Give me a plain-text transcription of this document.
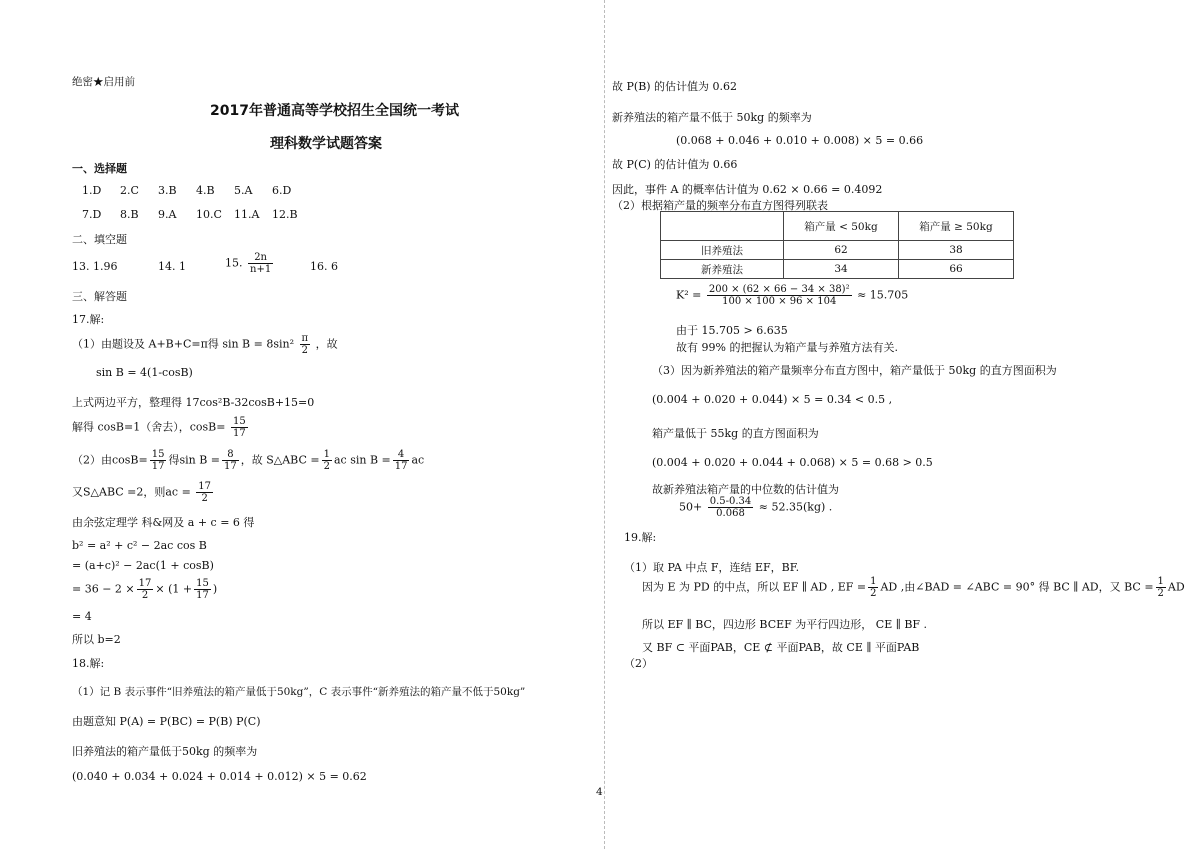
绝密★启用前
2017年普通高等学校招生全国统一考试
理科数学试题答案
一、选择题
1.D 2.C 3.B 4.B 5.A 6.D
7.D 8.B 9.A 10.C 11.A 12.B
二、填空题
13. 1.96	14. 1	15. $\frac{2n}{n+1}$	16. 6
三、解答题
17.解:
（1）由题设及 A+B+C=π得 $\sin B = 8\sin^2 \frac{\pi}{2}$ ，故
sin B = 4(1-cosB)
上式两边平方，整理得 17cos²B-32cosB+15=0
解得 cosB=1（舍去），$\cos B= \frac{15}{17}$
（2）由$\cos B= \frac{15}{17}$ 得$\sin B = \frac{8}{17}$ ，故 S△ABC = $\frac{1}{2}$ ac $\sin B = \frac{4}{17}$ ac
又S△ABC =2，则ac = $\frac{17}{2}$
由余弦定理学 科&网及 a + c = 6 得
b² = a² + c² − 2ac cos B
= (a+c)² − 2ac(1 + cosB)
= $36 - 2 \times \frac{17}{2} \times (1 + \frac{15}{17}$ )
= 4
所以 b=2
18.解:
（1）记 B 表示事件“旧养殖法的箱产量低于50kg”，C 表示事件“新养殖法的箱产量不低于50kg”
由题意知 P(A) = P(BC) = P(B) P(C)
旧养殖法的箱产量低于50kg 的频率为
(0.040 + 0.034 + 0.024 + 0.014 + 0.012) × 5 = 0.62
故 P(B) 的估计值为 0.62
新养殖法的箱产量不低于 50kg 的频率为
(0.068 + 0.046 + 0.010 + 0.008) × 5 = 0.66
故 P(C) 的估计值为 0.66
因此，事件 A 的概率估计值为 0.62 × 0.66 = 0.4092
（2）根据箱产量的频率分布直方图得列联表
	箱产量 < 50kg	箱产量 ≥ 50kg
旧养殖法	62	38
新养殖法	34	66
$K^2 = \frac{\text{200 × (62 × 66 − 34 × 38)²}}{100 \times 100 \times 96 \times 104} \approx 15.705$
由于 15.705 > 6.635
故有 99% 的把握认为箱产量与养殖方法有关.
（3）因为新养殖法的箱产量频率分布直方图中，箱产量低于 50kg 的直方图面积为
(0.004 + 0.020 + 0.044) × 5 = 0.34 < 0.5 ,
箱产量低于 55kg 的直方图面积为
(0.004 + 0.020 + 0.044 + 0.068) × 5 = 0.68 > 0.5
故新养殖法箱产量的中位数的估计值为
$50+ \frac{0.5-0.34}{0.068} \approx 52.35(kg)$ .
19.解:
（1）取 PA 中点 F，连结 EF，BF.
因为 E 为 PD 的中点，所以 EF ∥ AD , EF = $\frac{1}{2}$ AD ,由∠BAD = ∠ABC = 90° 得 BC ∥ AD，又 BC = $\frac{1}{2}$ AD
所以 EF ∥ BC，四边形 BCEF 为平行四边形， CE ∥ BF .
又 BF ⊂ 平面PAB，CE ⊄ 平面PAB，故 CE ∥ 平面PAB
（2）
4
